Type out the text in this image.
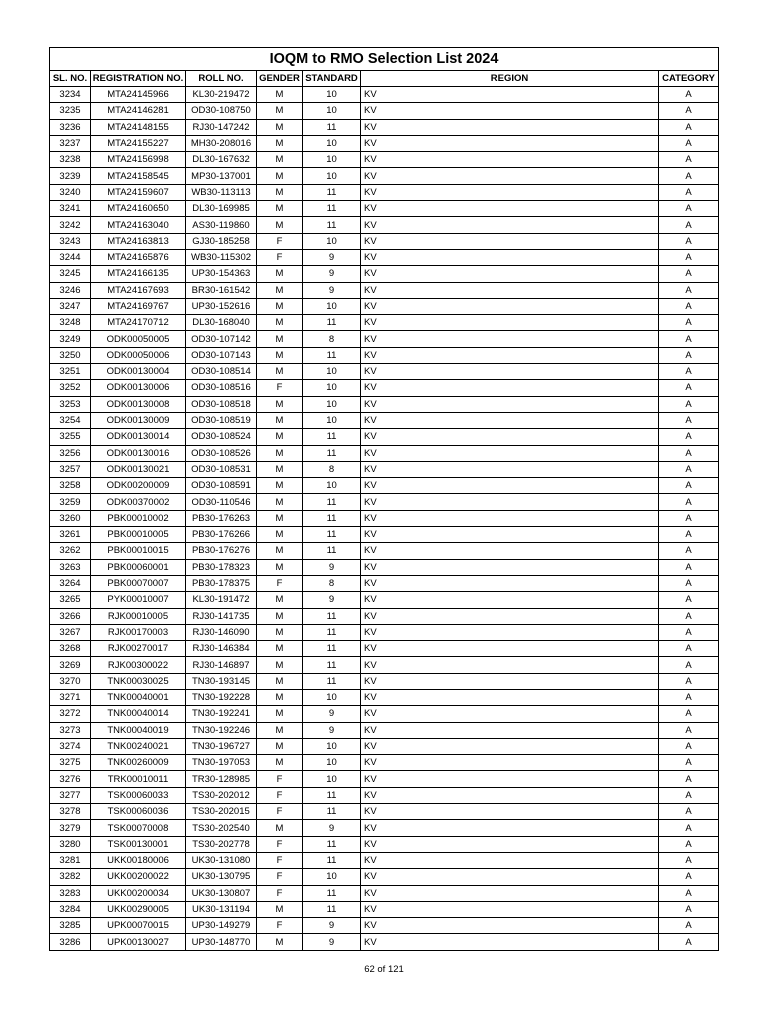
IOQM to RMO Selection List 2024						
SL. NO.	REGISTRATION NO.	ROLL NO.	GENDER	STANDARD	REGION	CATEGORY
3234	MTA24145966	KL30-219472	M	10	KV	A
3235	MTA24146281	OD30-108750	M	10	KV	A
3236	MTA24148155	RJ30-147242	M	11	KV	A
3237	MTA24155227	MH30-208016	M	10	KV	A
3238	MTA24156998	DL30-167632	M	10	KV	A
3239	MTA24158545	MP30-137001	M	10	KV	A
3240	MTA24159607	WB30-113113	M	11	KV	A
3241	MTA24160650	DL30-169985	M	11	KV	A
3242	MTA24163040	AS30-119860	M	11	KV	A
3243	MTA24163813	GJ30-185258	F	10	KV	A
3244	MTA24165876	WB30-115302	F	9	KV	A
3245	MTA24166135	UP30-154363	M	9	KV	A
3246	MTA24167693	BR30-161542	M	9	KV	A
3247	MTA24169767	UP30-152616	M	10	KV	A
3248	MTA24170712	DL30-168040	M	11	KV	A
3249	ODK00050005	OD30-107142	M	8	KV	A
3250	ODK00050006	OD30-107143	M	11	KV	A
3251	ODK00130004	OD30-108514	M	10	KV	A
3252	ODK00130006	OD30-108516	F	10	KV	A
3253	ODK00130008	OD30-108518	M	10	KV	A
3254	ODK00130009	OD30-108519	M	10	KV	A
3255	ODK00130014	OD30-108524	M	11	KV	A
3256	ODK00130016	OD30-108526	M	11	KV	A
3257	ODK00130021	OD30-108531	M	8	KV	A
3258	ODK00200009	OD30-108591	M	10	KV	A
3259	ODK00370002	OD30-110546	M	11	KV	A
3260	PBK00010002	PB30-176263	M	11	KV	A
3261	PBK00010005	PB30-176266	M	11	KV	A
3262	PBK00010015	PB30-176276	M	11	KV	A
3263	PBK00060001	PB30-178323	M	9	KV	A
3264	PBK00070007	PB30-178375	F	8	KV	A
3265	PYK00010007	KL30-191472	M	9	KV	A
3266	RJK00010005	RJ30-141735	M	11	KV	A
3267	RJK00170003	RJ30-146090	M	11	KV	A
3268	RJK00270017	RJ30-146384	M	11	KV	A
3269	RJK00300022	RJ30-146897	M	11	KV	A
3270	TNK00030025	TN30-193145	M	11	KV	A
3271	TNK00040001	TN30-192228	M	10	KV	A
3272	TNK00040014	TN30-192241	M	9	KV	A
3273	TNK00040019	TN30-192246	M	9	KV	A
3274	TNK00240021	TN30-196727	M	10	KV	A
3275	TNK00260009	TN30-197053	M	10	KV	A
3276	TRK00010011	TR30-128985	F	10	KV	A
3277	TSK00060033	TS30-202012	F	11	KV	A
3278	TSK00060036	TS30-202015	F	11	KV	A
3279	TSK00070008	TS30-202540	M	9	KV	A
3280	TSK00130001	TS30-202778	F	11	KV	A
3281	UKK00180006	UK30-131080	F	11	KV	A
3282	UKK00200022	UK30-130795	F	10	KV	A
3283	UKK00200034	UK30-130807	F	11	KV	A
3284	UKK00290005	UK30-131194	M	11	KV	A
3285	UPK00070015	UP30-149279	F	9	KV	A
3286	UPK00130027	UP30-148770	M	9	KV	A
62 of 121
